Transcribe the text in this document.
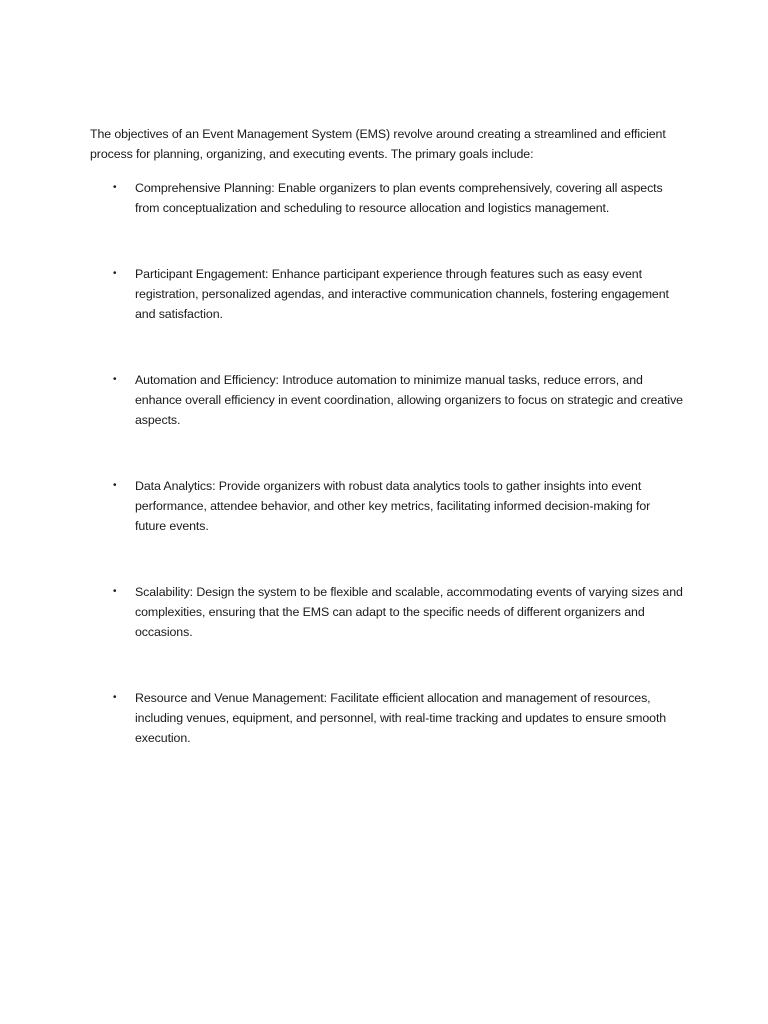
The objectives of an Event Management System (EMS) revolve around creating a streamlined and efficient process for planning, organizing, and executing events. The primary goals include:

• Comprehensive Planning: Enable organizers to plan events comprehensively, covering all aspects from conceptualization and scheduling to resource allocation and logistics management.
• Participant Engagement: Enhance participant experience through features such as easy event registration, personalized agendas, and interactive communication channels, fostering engagement and satisfaction.
• Automation and Efficiency: Introduce automation to minimize manual tasks, reduce errors, and enhance overall efficiency in event coordination, allowing organizers to focus on strategic and creative aspects.
• Data Analytics: Provide organizers with robust data analytics tools to gather insights into event performance, attendee behavior, and other key metrics, facilitating informed decision-making for future events.
• Scalability: Design the system to be flexible and scalable, accommodating events of varying sizes and complexities, ensuring that the EMS can adapt to the specific needs of different organizers and occasions.
• Resource and Venue Management: Facilitate efficient allocation and management of resources, including venues, equipment, and personnel, with real-time tracking and updates to ensure smooth execution.
